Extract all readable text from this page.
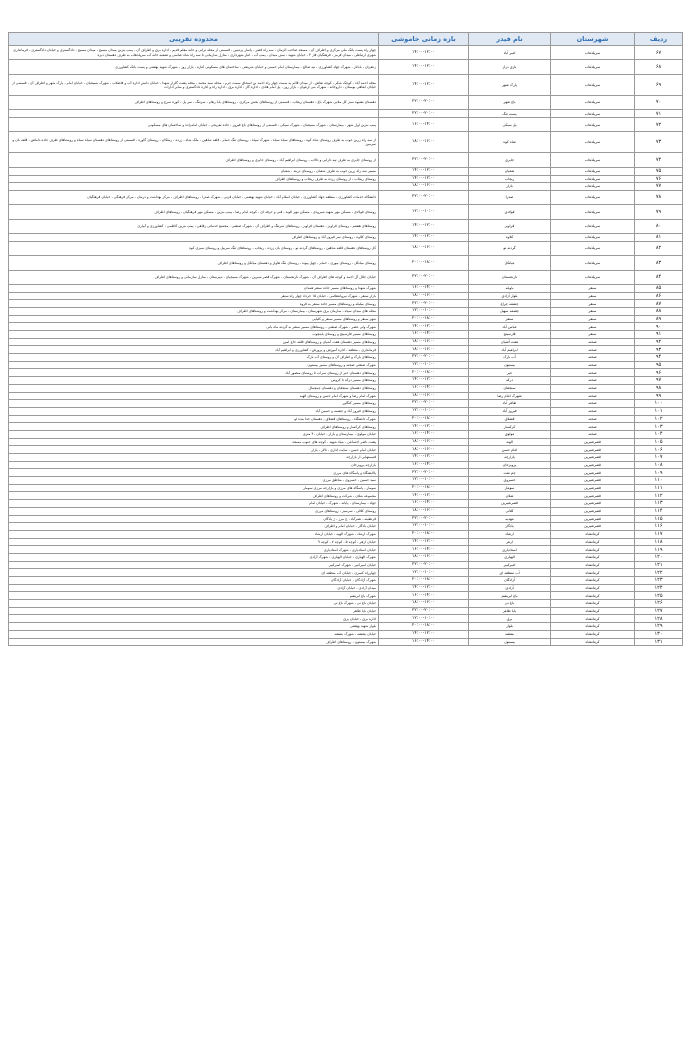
ردیف	شهرستان	نام فیدر	بازه زمانی خاموشی	محدوده تقریبی
۶۷	سرپلذهاب	امیر آباد	۱۴:۰۰-۱۲:۰۰	چهار راه پست بانک ملی مرکزی و اطراف آن ، مسجد صاحب الزمان ، سه راه قصر ، پاسار پردیس ، قسمتی از محله ترانی و خانه معلم قدیم ، اداره برق و اطراف آن ، پمپ بنزین میدان مسیح ، میدان مسیح ، دادگستری و خیابان دادگستری ، فرمانداری شهری ارتباطی ، میدان قرمز ، فرهنگیان فاز ۳ ، خیابان شهید ، نبش میدان ، پمپ آب ، انبار شهرداری ، منازل سازمانی تا سه راه شاه عباسی و تصفیه خانه آب سرپلذهاب به طرف دهستان دیره
۶۸	سرپلذهاب	بازی دراز	۱۴:۰۰-۱۲:۰۰	زعفران ، بابانار ، شهرک جهاد کشاورزی ، تپه صالح ، بیمارستان امام خمینی و خیابان شریعتی ، ساختمان های مسکونی کناره ، بازار روز ، شهرک شهید بهشتی و پست بانک کشاورزی
۶۹	سرپلذهاب	پارک شهر	۱۴:۰۰-۱۲:۰۰	محله احمد آباد ، کوچک شکر ، کوچه نقاش ، از میدان قائم به سمت چهار راه احمد بن اسحاق سمت حرم ، محله سید محمد ، محله پشت گلزار شهدا ، خیابان دانش اداره آب و فاضلاب ، شهرک بسیجیان ، خیابان امام ، پارک شهر و اطراف آن ، قسمتی از خیابان ابعاهی بوستان ، داروخانه ، شهرک بنی ارغوان ، بازار روز ، پل امام هادی ، اداره گاز ، اداره برق ، اداره راه و اداره دادگستری و سایر ادارات
۷۰	سرپلذهاب	باغ شهر	۲۲:۰۰-۲۰:۰۰	دهستان بشیوه سبز کل ملایی شهرک باغ ، دهستان ریجاب ، قسمتی از روستاهای بخش مرکزی ، روستاهای بابا رهام ، سرتنگ ، سر پل ، کوره سرخ و روستاهای اطراف
۷۱	سرپلذهاب	پست تنگ	۲۲:۰۰-۲۰:۰۰	
۷۲	سرپلذهاب	پل سیکی	۱۶:۰۰-۱۴:۰۰	پمپ بنزین اول شهر ، بیمارستان ، شهرک بسیجیان ، شهرک سیکی ، قسمتی از روستاهای باغ فیروز ، جاده تفریحی ، خیابان امامزاده و ساختمان های مسکونی
۷۳	سرپلذهاب	شاه کوه	۱۸:۰۰-۱۶:۰۰	از سه راه زرین جوب به طرف روستای شاه کوه ، روستاهای سیاه سیاه ، شهرک سپاه ، روستای تنگ حمام ، قلعه شاهین ، ملک شاه ، زرده ، زملکان ، روستای گاوره ، قسمتی از روستاهای دهستان سیاه سیاه و روستاهای طرف جاده داماش ، قلعه بان و سرمین
۷۴	سرپلذهاب	جابری	۲۲:۰۰-۲۰:۰۰	از روستای جابری به طرف تپه دارایی و دالاب ، روستای ابراهیم آباد ، روستای جابری و روستاهای اطراف
۷۵	سرپلذهاب	شعبان	۱۴:۰۰-۱۲:۰۰	مسیر سه راه زرین جوب به طرف شعبان ، روستای دربند ، شعبان
۷۶	سرپلذهاب	ریجاب	۱۴:۰۰-۱۲:۰۰	روستای ریجاب ، از روستای زرده به طرف ریجاب و روستاهای اطراف
۷۷	سرپلذهاب	بازار	۱۸:۰۰-۱۶:۰۰	
۷۸	سرپلذهاب	صدرا	۲۲:۰۰-۲۰:۰۰	دانشگاه خدمات کشاورزی ، منطقه جهاد کشاورزی ، خیابان اسلام آباد ، خیابان شهید بهشتی ، خیابان قرنی ، شهرک صدرا ، روستاهای اطراف ، مرکز بهداشت و درمان ، مرکز فرهنگی ، خیابان فرهنگیان
۷۹	سرپلذهاب	فولادی	۱۲:۰۰-۱۰:۰۰	روستای فولادی ، مسکن مهر شهید شیرودی ، مسکن مهر الوند ، فنی و حرفه ای ، کوچه امام رضا ، پمپ بنزین ، مسکن مهر فرهنگیان ، روستاهای اطراف
۸۰	سرپلذهاب	قراویز	۱۴:۰۰-۱۲:۰۰	روستاهای هشتم ، روستای قراویز ، دهستان قراویز ، روستاهای سرتنگ و اطراف آن ، شهرک صنعتی ، مجتمع خدماتی رفاهی ، پمپ بنزین کاظمی ، کشاورزی و آبیاری
۸۱	سرپلذهاب	کلاوه	۱۴:۰۰-۱۲:۰۰	روستای کلاوه ، روستای سر فیروز آباد و روستاهای اطراف
۸۲	سرپلذهاب	گردنه نو	۱۸:۰۰-۱۶:۰۰	کل روستاهای دهستان قلعه شاهین ، روستاهای گردنه نو ، روستای بان زرده ، ریجاب ، روستاهای تنگ سربیل و روستای سبزی کوه
۸۳	سرپلذهاب	میانکل	۲۰:۰۰-۱۸:۰۰	روستای میانکل ، روستای بیوری ، حمام ، چهل پیوند ، روستای تنگ هاوار و دهستان میانکل و روستاهای اطراف
۸۴	سرپلذهاب	نارنجستان	۲۲:۰۰-۲۰:۰۰	خیابان جلال آل احمد و کوچه های اطراف آن ، شهرک نارنجستان ، شهرک قصر شیرین ، شهرک بسیجیان ، دبیرستان ، منازل سازمانی و روستاهای اطراف
۸۵	سنقر	باویله	۱۶:۰۰-۱۴:۰۰	شهرک شهدا و روستاهای مسیر جاده سنقر همدان
۸۶	سنقر	بلوار آزادی	۱۸:۰۰-۱۶:۰۰	بازار سنقر ، شهرک نیروانتظامی ، خیابان ۱۵ خرداد چهار راه سنقر
۸۷	سنقر	چشمه چراغ	۲۲:۰۰-۲۰:۰۰	روستای میلیله و روستاهای مسیر جاده سنقر به قروه
۸۸	سنقر	چشمه سهیل	۱۲:۰۰-۱۰:۰۰	محله های میدان سپاه ، سازمان برق شهرستان ، بیمارستان ، مرکز بهداشت و روستاهای اطراف
۸۹	سنقر	سنقر	۲۰:۰۰-۱۸:۰۰	شهر سنقر و روستاهای مسیر سنقر و کلیایی
۹۰	سنقر	عباس آباد	۱۴:۰۰-۱۲:۰۰	شهرک ولی عصر ، شهرک صنعتی ، روستاهای مسیر سنقر به گردنه ماه بانی
۹۱	سنقر	فارسینج	۱۶:۰۰-۱۴:۰۰	روستاهای مسیر فارسینج و روستای باینچوب
۹۲	صحنه	هفت آشیان	۱۸:۰۰-۱۶:۰۰	روستاهای مسیر دهستان هفت آشیان و روستاهای قلعه حاج امین
۹۳	صحنه	ابراهیم آباد	۱۸:۰۰-۱۶:۰۰	فرمانداری ، منطقه ، اداره آموزش و پرورش ، کشاورزی و ابراهیم آباد
۹۴	صحنه	آب بارک	۲۲:۰۰-۲۰:۰۰	روستاهای بارک و اطراف آن و روستای آب بارک
۹۵	صحنه	بیستون	۱۲:۰۰-۱۰:۰۰	شهرک صنعتی صحنه و روستاهای مسیر بیستون
۹۶	صحنه	خبر	۲۰:۰۰-۱۸:۰۰	روستاهای دهستان خبر از روستای سراب تا روستای منصور آباد
۹۷	صحنه	درکه	۱۴:۰۰-۱۲:۰۰	روستاهای مسیر درکه تا کروس
۹۸	صحنه	سنجقان	۱۶:۰۰-۱۴:۰۰	روستاهای دهستان سنجقان و دهستان چمچمال
۹۹	صحنه	شهرک امام رضا	۱۸:۰۰-۱۶:۰۰	شهرک امام رضا و شهرک امام حسن و روستای الهیه
۱۰۰	صحنه	طاهر آباد	۲۲:۰۰-۲۰:۰۰	روستاهای مسیر کنگاور
۱۰۱	صحنه	فیروز آباد	۱۲:۰۰-۱۰:۰۰	روستاهای فیروز آباد و چشمه و حسین آباد
۱۰۲	صحنه	قشلاق	۲۰:۰۰-۱۸:۰۰	شهرک دانشگاه ، روستاهای قشلاق ، دهستان خدا بنده لو
۱۰۳	صحنه	کرکسار	۱۴:۰۰-۱۲:۰۰	روستاهای کرکسار و روستاهای اطراف
۱۰۴	صحنه	مولوی	۱۶:۰۰-۱۴:۰۰	خیابان مولوی ، بیمارستان و بازار ، خیابان ۴۰ متری
۱۰۵	قصرشیرین	الوند	۱۸:۰۰-۱۶:۰۰	پشت ناصر اجتماعی ، بنیاد شهید ، کوچه های جنوب مسجد
۱۰۶	قصرشیرین	امام حسن	۱۸:۰۰-۱۶:۰۰	خیابان امام حسن ، سایت اداری ، تالار ، بازار
۱۰۷	قصرشیرین	بازارچه	۱۴:۰۰-۱۲:۰۰	قسمتهایی از بازارچه
۱۰۸	قصرشیرین	پرویزخان	۱۶:۰۰-۱۴:۰۰	بازارچه پرویزخان
۱۰۹	قصرشیرین	چم نفت	۲۲:۰۰-۲۰:۰۰	پالایشگاه و پاسگاه های مرزی
۱۱۰	قصرشیرین	خسروی	۱۲:۰۰-۱۰:۰۰	سید حسین ، خسروی ، مناطق مرزی
۱۱۱	قصرشیرین	سومار	۲۰:۰۰-۱۸:۰۰	سومار ، پاسگاه های مرزی و بازارچه مرزی سومار
۱۱۲	قصرشیرین	شلان	۱۴:۰۰-۱۲:۰۰	مجموعه شلان ، شرکت و روستاهای اطراف
۱۱۳	قصرشیرین	قصرشیرین	۱۶:۰۰-۱۴:۰۰	جهاد ، بیمارستان ، پایانه ، شهرک ، خیابان امام
۱۱۴	قصرشیرین	کلالی	۱۸:۰۰-۱۶:۰۰	روستای کلالی ، سرسبز ، روستاهای مرزی
۱۱۵	قصرشیرین	مهدیه	۲۲:۰۰-۲۰:۰۰	قرنطینه ، نصرآباد ، ج مرز ، ژ پادگان
۱۱۶	قصرشیرین	یادگار	۱۲:۰۰-۱۰:۰۰	خیابان یادگار ، خیابان امام و اطراف
۱۱۷	کرمانشاه	ارشاد	۲۰:۰۰-۱۸:۰۰	شهرک ارشاد ، شهرک الهیه ، خیابان ارشاد
۱۱۸	کرمانشاه	ازهر	۱۴:۰۰-۱۲:۰۰	خیابان ازهر ، کوچه ۵ ، کوچه ۷ ، کوچه ۹
۱۱۹	کرمانشاه	استادیاری	۱۶:۰۰-۱۴:۰۰	خیابان استادیاری ، شهرک استادیاری
۱۲۰	کرمانشاه	الهیاری	۱۸:۰۰-۱۶:۰۰	شهرک الهیاری ، خیابان الهیاری ، شهرک آزادی
۱۲۱	کرمانشاه	امیرکبیر	۲۲:۰۰-۲۰:۰۰	خیابان امیرکبیر ، شهرک امیرکبیر
۱۲۲	کرمانشاه	آب منطقه ای	۱۲:۰۰-۱۰:۰۰	چهارراه کسری ، خیابان آب منطقه ای
۱۲۳	کرمانشاه	آزادگان	۲۰:۰۰-۱۸:۰۰	شهرک آزادگان ، خیابان آزادگان
۱۲۴	کرمانشاه	آزادی	۱۴:۰۰-۱۲:۰۰	میدان آزادی ، خیابان آزادی
۱۲۵	کرمانشاه	باغ ابریشم	۱۶:۰۰-۱۴:۰۰	شهرک باغ ابریشم
۱۲۶	کرمانشاه	باغ نی	۱۸:۰۰-۱۶:۰۰	خیابان باغ نی ، شهرک باغ نی
۱۲۷	کرمانشاه	بابا طاهر	۲۲:۰۰-۲۰:۰۰	خیابان بابا طاهر
۱۲۸	کرمانشاه	برق	۱۲:۰۰-۱۰:۰۰	اداره برق ، خیابان برق
۱۲۹	کرمانشاه	بلوار	۲۰:۰۰-۱۸:۰۰	بلوار شهید بهشتی
۱۳۰	کرمانشاه	بنفشه	۱۴:۰۰-۱۲:۰۰	خیابان بنفشه ، شهرک بنفشه
۱۳۱	کرمانشاه	بیستون	۱۶:۰۰-۱۴:۰۰	شهرک بیستون ، روستاهای اطراف
